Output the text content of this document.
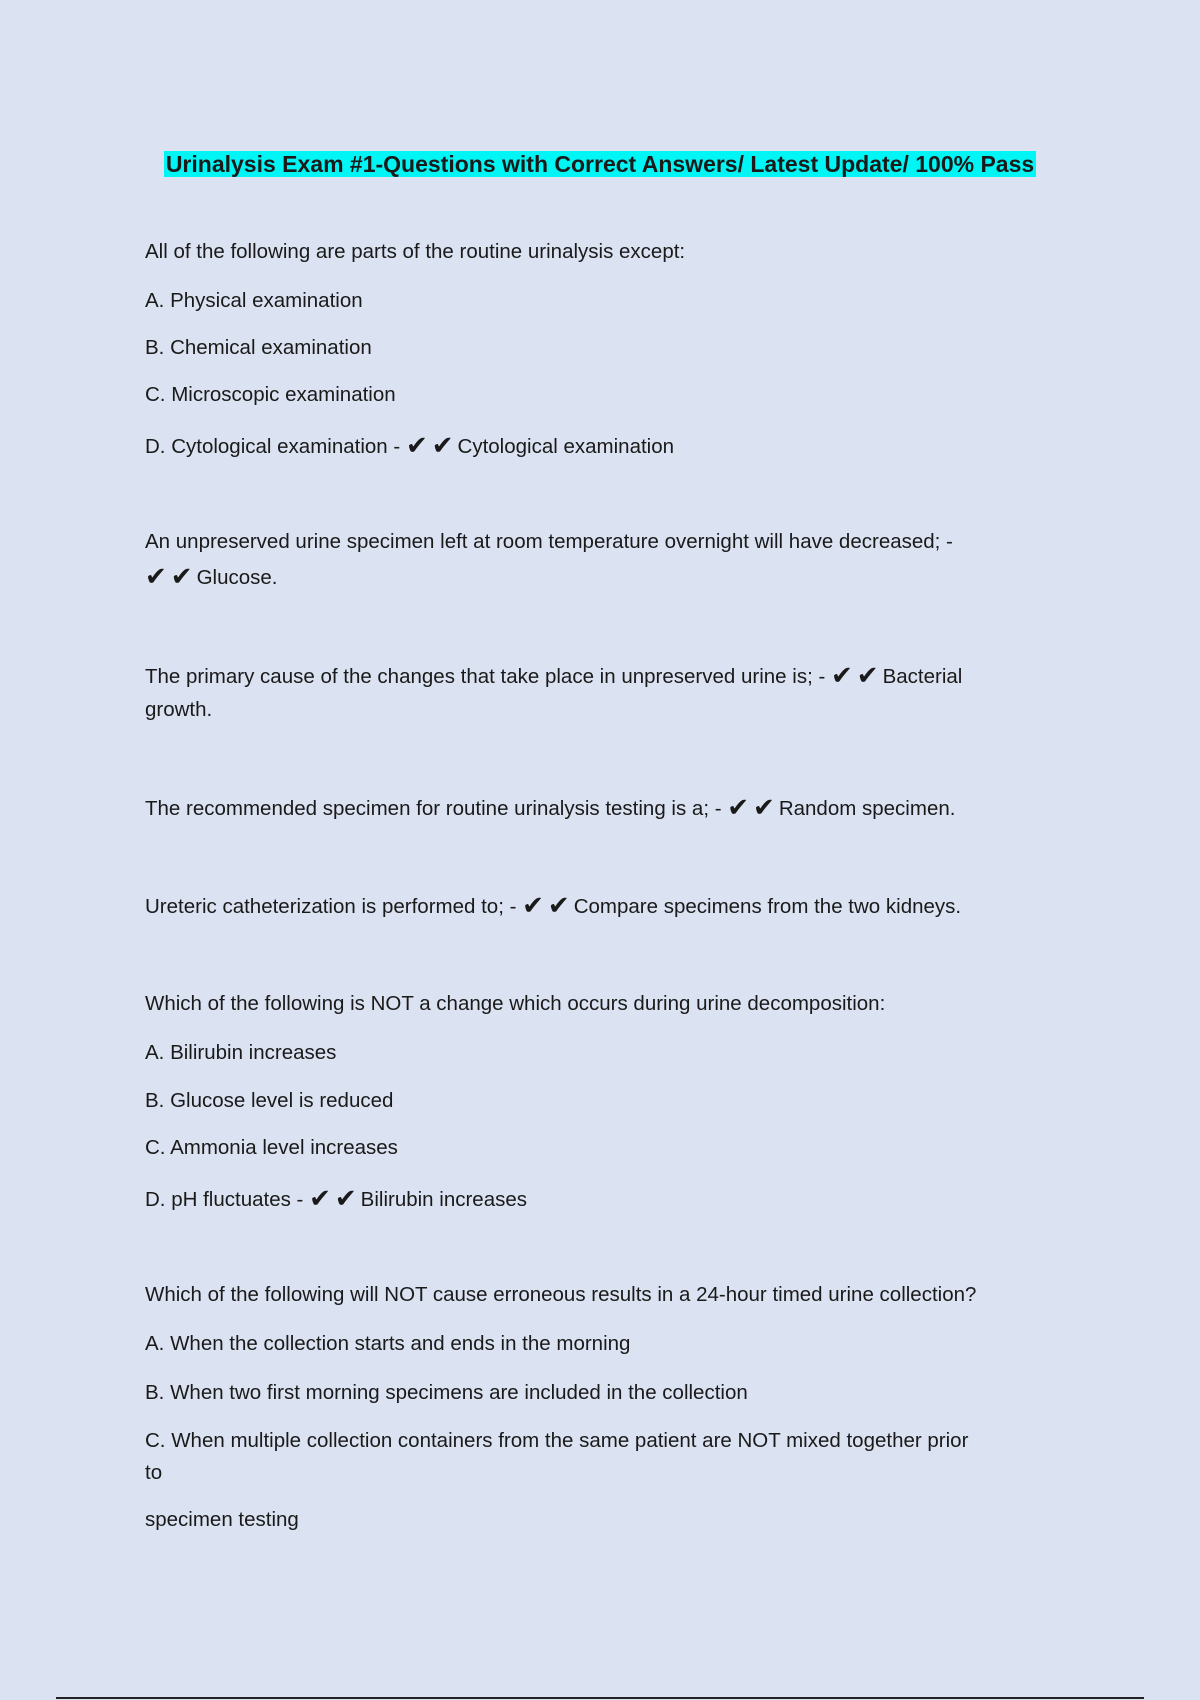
Urinalysis Exam #1-Questions with Correct Answers/ Latest Update/ 100% Pass
All of the following are parts of the routine urinalysis except:
A. Physical examination
B. Chemical examination
C. Microscopic examination
D. Cytological examination - ✔✔Cytological examination
An unpreserved urine specimen left at room temperature overnight will have decreased; -
✔✔Glucose.
The primary cause of the changes that take place in unpreserved urine is; - ✔✔Bacterial
growth.
The recommended specimen for routine urinalysis testing is a; - ✔✔Random specimen.
Ureteric catheterization is performed to; - ✔✔Compare specimens from the two kidneys.
Which of the following is NOT a change which occurs during urine decomposition:
A. Bilirubin increases
B. Glucose level is reduced
C. Ammonia level increases
D. pH fluctuates - ✔✔Bilirubin increases
Which of the following will NOT cause erroneous results in a 24-hour timed urine collection?
A. When the collection starts and ends in the morning
B. When two first morning specimens are included in the collection
C. When multiple collection containers from the same patient are NOT mixed together prior
to
specimen testing
